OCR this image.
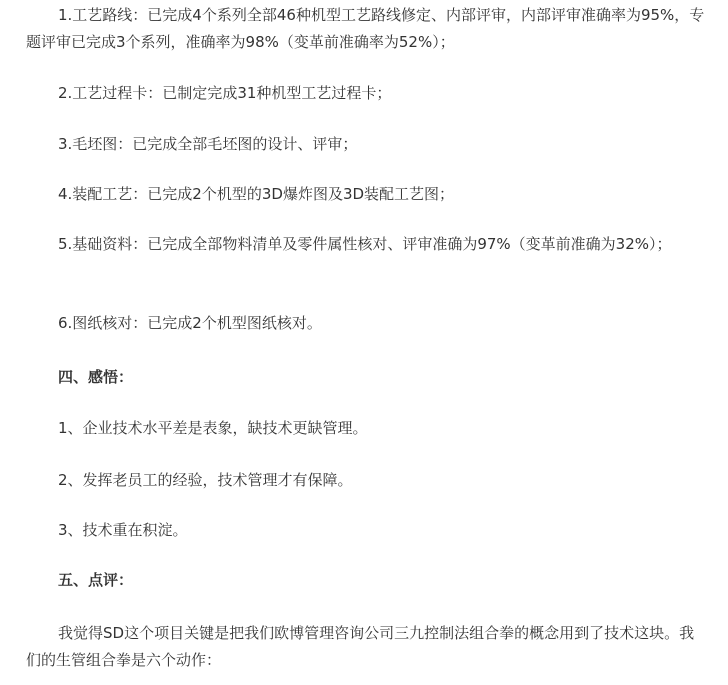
1.工艺路线：已完成4个系列全部46种机型工艺路线修定、内部评审，内部评审准确率为95%，专题评审已完成3个系列，准确率为98%（变革前准确率为52%）；

2.工艺过程卡：已制定完成31种机型工艺过程卡；

3.毛坯图：已完成全部毛坯图的设计、评审；

4.装配工艺：已完成2个机型的3D爆炸图及3D装配工艺图；

5.基础资料：已完成全部物料清单及零件属性核对、评审准确为97%（变革前准确为32%）；

6.图纸核对：已完成2个机型图纸核对。

四、感悟：

1、企业技术水平差是表象，缺技术更缺管理。

2、发挥老员工的经验，技术管理才有保障。

3、技术重在积淀。

五、点评：

我觉得SD这个项目关键是把我们欧博管理咨询公司三九控制法组合拳的概念用到了技术这块。我们的生管组合拳是六个动作：
